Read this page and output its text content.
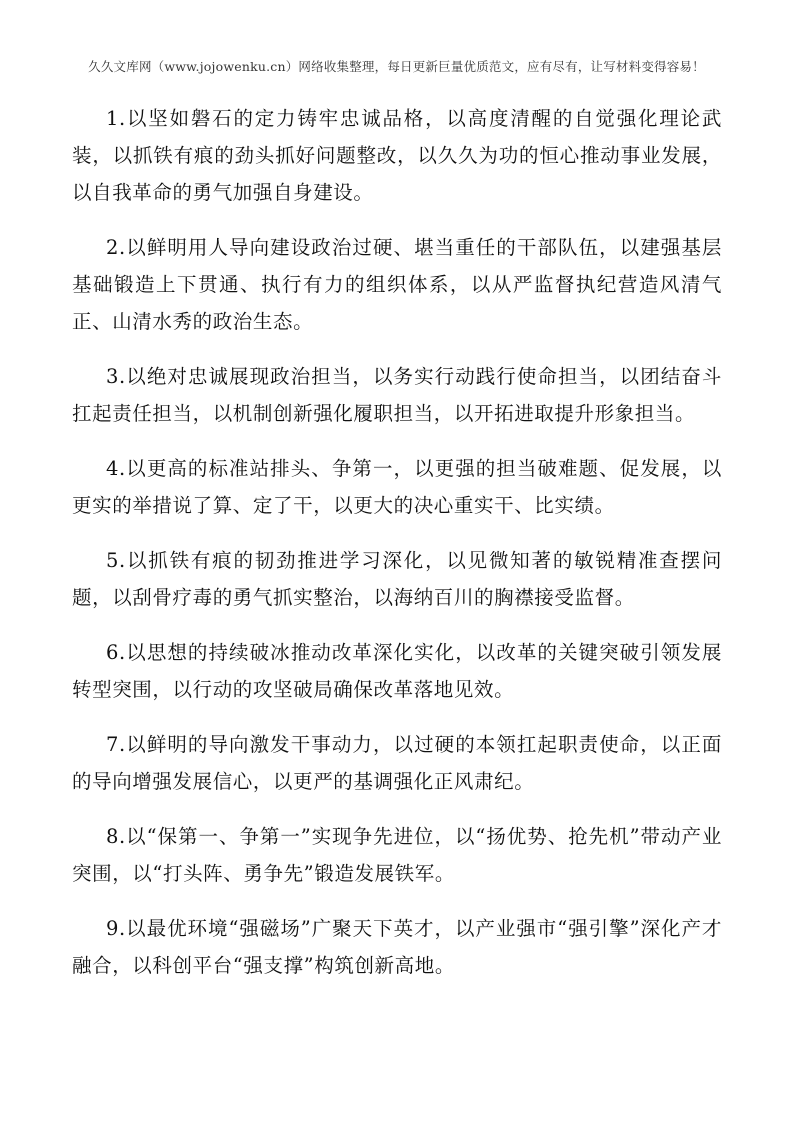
久久文库网（www.jojowenku.cn）网络收集整理，每日更新巨量优质范文，应有尽有，让写材料变得容易！

1.以坚如磐石的定力铸牢忠诚品格，以高度清醒的自觉强化理论武装，以抓铁有痕的劲头抓好问题整改，以久久为功的恒心推动事业发展，以自我革命的勇气加强自身建设。

2.以鲜明用人导向建设政治过硬、堪当重任的干部队伍，以建强基层基础锻造上下贯通、执行有力的组织体系，以从严监督执纪营造风清气正、山清水秀的政治生态。

3.以绝对忠诚展现政治担当，以务实行动践行使命担当，以团结奋斗扛起责任担当，以机制创新强化履职担当，以开拓进取提升形象担当。

4.以更高的标准站排头、争第一，以更强的担当破难题、促发展，以更实的举措说了算、定了干，以更大的决心重实干、比实绩。

5.以抓铁有痕的韧劲推进学习深化，以见微知著的敏锐精准查摆问题，以刮骨疗毒的勇气抓实整治，以海纳百川的胸襟接受监督。

6.以思想的持续破冰推动改革深化实化，以改革的关键突破引领发展转型突围，以行动的攻坚破局确保改革落地见效。

7.以鲜明的导向激发干事动力，以过硬的本领扛起职责使命，以正面的导向增强发展信心，以更严的基调强化正风肃纪。

8.以“保第一、争第一”实现争先进位，以“扬优势、抢先机”带动产业突围，以“打头阵、勇争先”锻造发展铁军。

9.以最优环境“强磁场”广聚天下英才，以产业强市“强引擎”深化产才融合，以科创平台“强支撑”构筑创新高地。
